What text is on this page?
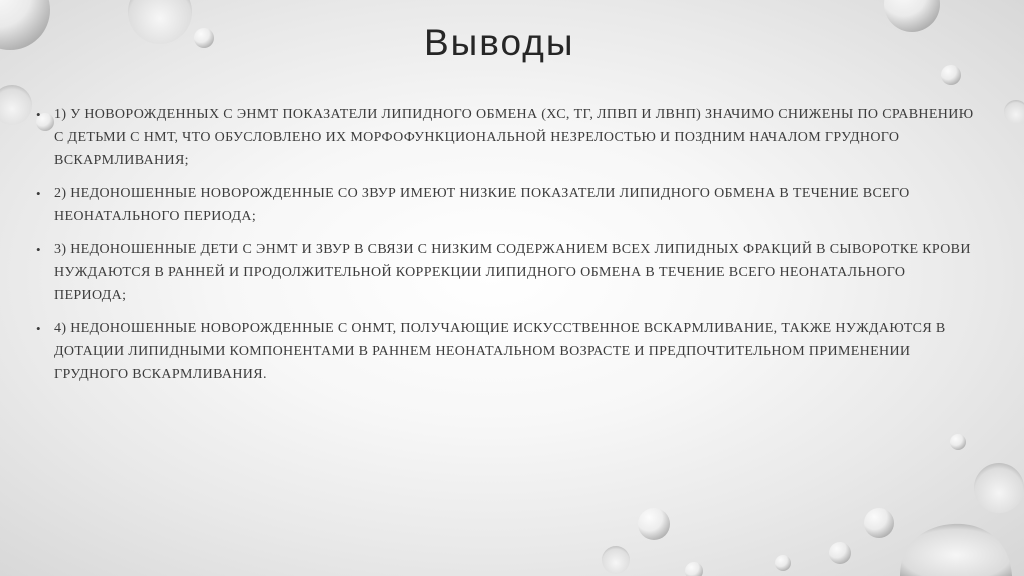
Выводы
• 1) У НОВОРОЖДЕННЫХ С ЭНМТ ПОКАЗАТЕЛИ ЛИПИДНОГО ОБМЕНА (ХС, ТГ, ЛПВП И ЛВНП) ЗНАЧИМО СНИЖЕНЫ ПО СРАВНЕНИЮ С ДЕТЬМИ С НМТ, ЧТО ОБУСЛОВЛЕНО ИХ МОРФОФУНКЦИОНАЛЬНОЙ НЕЗРЕЛОСТЬЮ И ПОЗДНИМ НАЧАЛОМ ГРУДНОГО ВСКАРМЛИВАНИЯ;
• 2) НЕДОНОШЕННЫЕ НОВОРОЖДЕННЫЕ СО ЗВУР ИМЕЮТ НИЗКИЕ ПОКАЗАТЕЛИ ЛИПИДНОГО ОБМЕНА В ТЕЧЕНИЕ ВСЕГО НЕОНАТАЛЬНОГО ПЕРИОДА;
• 3) НЕДОНОШЕННЫЕ ДЕТИ С ЭНМТ И ЗВУР В СВЯЗИ С НИЗКИМ СОДЕРЖАНИЕМ ВСЕХ ЛИПИДНЫХ ФРАКЦИЙ В СЫВОРОТКЕ КРОВИ НУЖДАЮТСЯ В РАННЕЙ И ПРОДОЛЖИТЕЛЬНОЙ КОРРЕКЦИИ ЛИПИДНОГО ОБМЕНА В ТЕЧЕНИЕ ВСЕГО НЕОНАТАЛЬНОГО ПЕРИОДА;
• 4) НЕДОНОШЕННЫЕ НОВОРОЖДЕННЫЕ С ОНМТ, ПОЛУЧАЮЩИЕ ИСКУССТВЕННОЕ ВСКАРМЛИВАНИЕ, ТАКЖЕ НУЖДАЮТСЯ В ДОТАЦИИ ЛИПИДНЫМИ КОМПОНЕНТАМИ В РАННЕМ НЕОНАТАЛЬНОМ ВОЗРАСТЕ И ПРЕДПОЧТИТЕЛЬНОМ ПРИМЕНЕНИИ ГРУДНОГО ВСКАРМЛИВАНИЯ.
